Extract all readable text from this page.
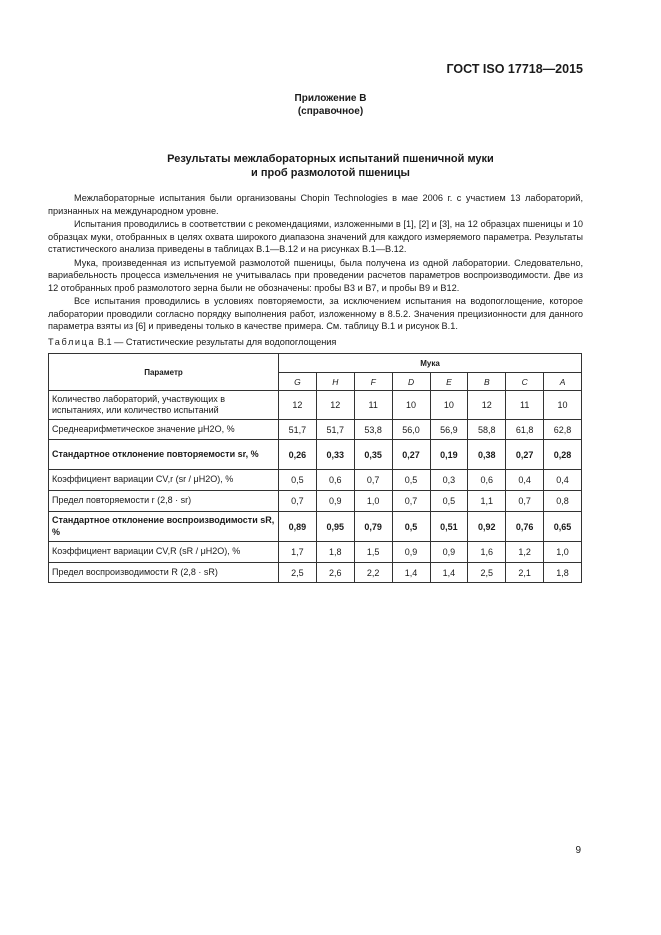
ГОСТ ISO 17718—2015
Приложение В
(справочное)
Результаты межлабораторных испытаний пшеничной муки
и проб размолотой пшеницы

Межлабораторные испытания были организованы Chopin Technologies в мае 2006 г. с участием 13 лабораторий, признанных на международном уровне.

Испытания проводились в соответствии с рекомендациями, изложенными в [1], [2] и [3], на 12 образцах пшеницы и 10 образцах муки, отобранных в целях охвата широкого диапазона значений для каждого измеряемого параметра. Результаты статистического анализа приведены в таблицах В.1—В.12 и на рисунках В.1—В.12.

Мука, произведенная из испытуемой размолотой пшеницы, была получена из одной лаборатории. Следовательно, вариабельность процесса измельчения не учитывалась при проведении расчетов параметров воспроизводимости. Две из 12 отобранных проб размолотого зерна были не обозначены: пробы B3 и B7, и пробы B9 и B12.

Все испытания проводились в условиях повторяемости, за исключением испытания на водопоглощение, которое лаборатории проводили согласно порядку выполнения работ, изложенному в 8.5.2. Значения прецизионности для данного параметра взяты из [6] и приведены только в качестве примера. См. таблицу В.1 и рисунок В.1.

Таблица В.1 — Статистические результаты для водопоглощения
Параметр	Мука							
	G	H	F	D	E	B	C	A
Количество лабораторий, участвующих в испытаниях, или количество испытаний	12	12	11	10	10	12	11	10
Среднеарифметическое значение μH2O, %	51,7	51,7	53,8	56,0	56,9	58,8	61,8	62,8
Стандартное отклонение повторяемости sr, %	0,26	0,33	0,35	0,27	0,19	0,38	0,27	0,28
Коэффициент вариации CV,r (sr / μH2O), %	0,5	0,6	0,7	0,5	0,3	0,6	0,4	0,4
Предел повторяемости r (2,8 · sr)	0,7	0,9	1,0	0,7	0,5	1,1	0,7	0,8
Стандартное отклонение воспроизводимости sR, %	0,89	0,95	0,79	0,5	0,51	0,92	0,76	0,65
Коэффициент вариации CV,R (sR / μH2O), %	1,7	1,8	1,5	0,9	0,9	1,6	1,2	1,0
Предел воспроизводимости R (2,8 · sR)	2,5	2,6	2,2	1,4	1,4	2,5	2,1	1,8
9
